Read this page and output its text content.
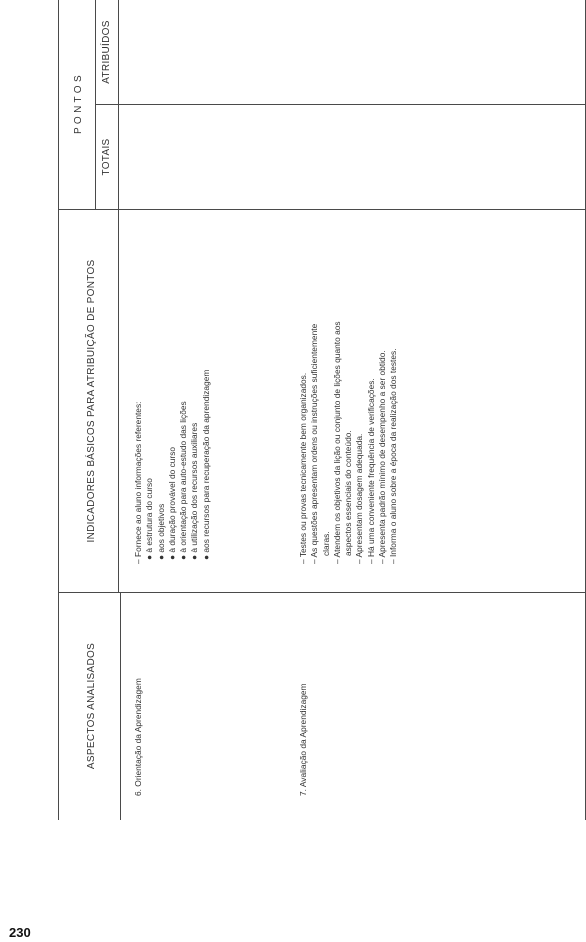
ASPECTOS ANALISADOS
INDICADORES BÁSICOS PARA ATRIBUIÇÃO DE PONTOS
P O N T O S
TOTAIS
ATRIBUÍDOS
6. Orientação da Aprendizagem
– Fornece ao aluno informações referentes: ● à estrutura do curso ● aos objetivos ● à duração provável do curso ● à orientação para auto-estudo das lições ● à utilização dos recursos auxiliares ● aos recursos para recuperação da aprendizagem
7. Avaliação da Aprendizagem
– Testes ou provas tecnicamente bem organizados. – As questões apresentam ordens ou instruções suficientemente claras. – Atendem os objetivos da lição ou conjunto de lições quanto aos aspectos essenciais do conteúdo. – Apresentam dosagem adequada. – Há uma conveniente frequência de verificações. – Apresenta padrão mínimo de desempenho a ser obtido. – Informa o aluno sobre a época da realização dos testes.
230
